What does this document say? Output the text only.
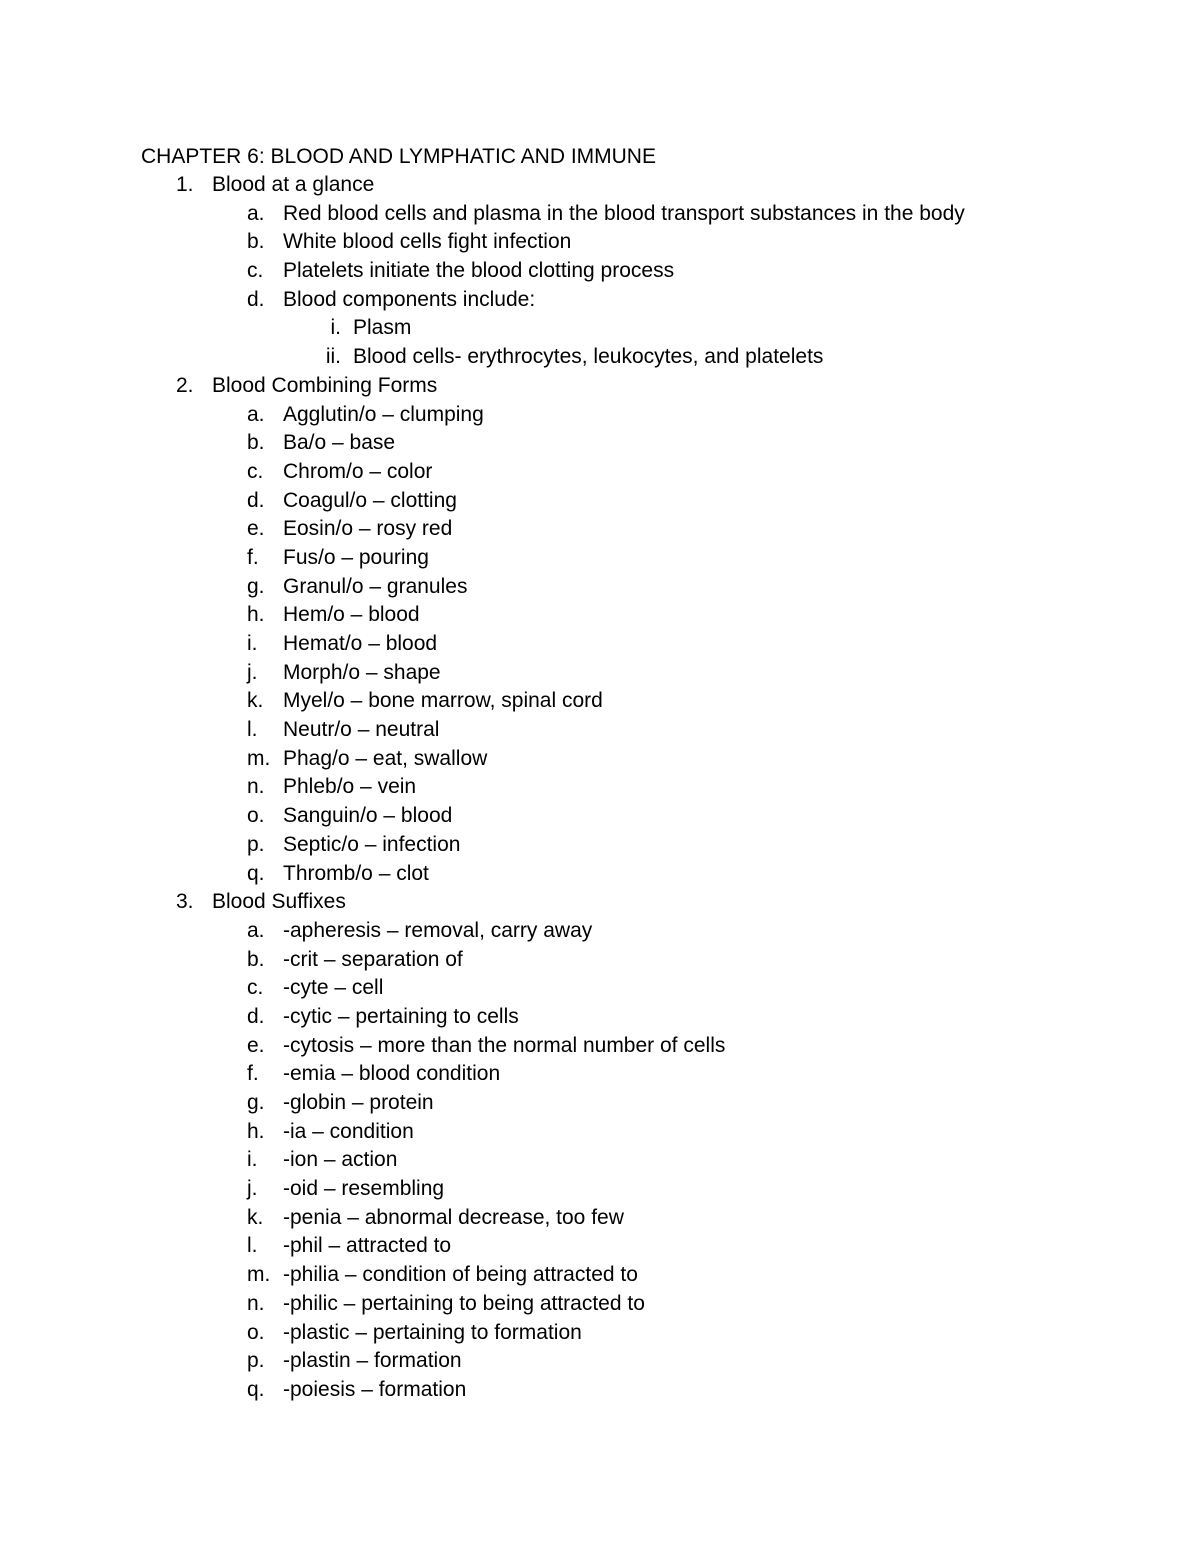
CHAPTER 6: BLOOD AND LYMPHATIC AND IMMUNE
1. Blood at a glance
a. Red blood cells and plasma in the blood transport substances in the body
b. White blood cells fight infection
c. Platelets initiate the blood clotting process
d. Blood components include:
i. Plasm
ii. Blood cells- erythrocytes, leukocytes, and platelets
2. Blood Combining Forms
a. Agglutin/o – clumping
b. Ba/o – base
c. Chrom/o – color
d. Coagul/o – clotting
e. Eosin/o – rosy red
f. Fus/o – pouring
g. Granul/o – granules
h. Hem/o – blood
i. Hemat/o – blood
j. Morph/o – shape
k. Myel/o – bone marrow, spinal cord
l. Neutr/o – neutral
m. Phag/o – eat, swallow
n. Phleb/o – vein
o. Sanguin/o – blood
p. Septic/o – infection
q. Thromb/o – clot
3. Blood Suffixes
a. -apheresis – removal, carry away
b. -crit – separation of
c. -cyte – cell
d. -cytic – pertaining to cells
e. -cytosis – more than the normal number of cells
f. -emia – blood condition
g. -globin – protein
h. -ia – condition
i. -ion – action
j. -oid – resembling
k. -penia – abnormal decrease, too few
l. -phil – attracted to
m. -philia – condition of being attracted to
n. -philic – pertaining to being attracted to
o. -plastic – pertaining to formation
p. -plastin – formation
q. -poiesis – formation
